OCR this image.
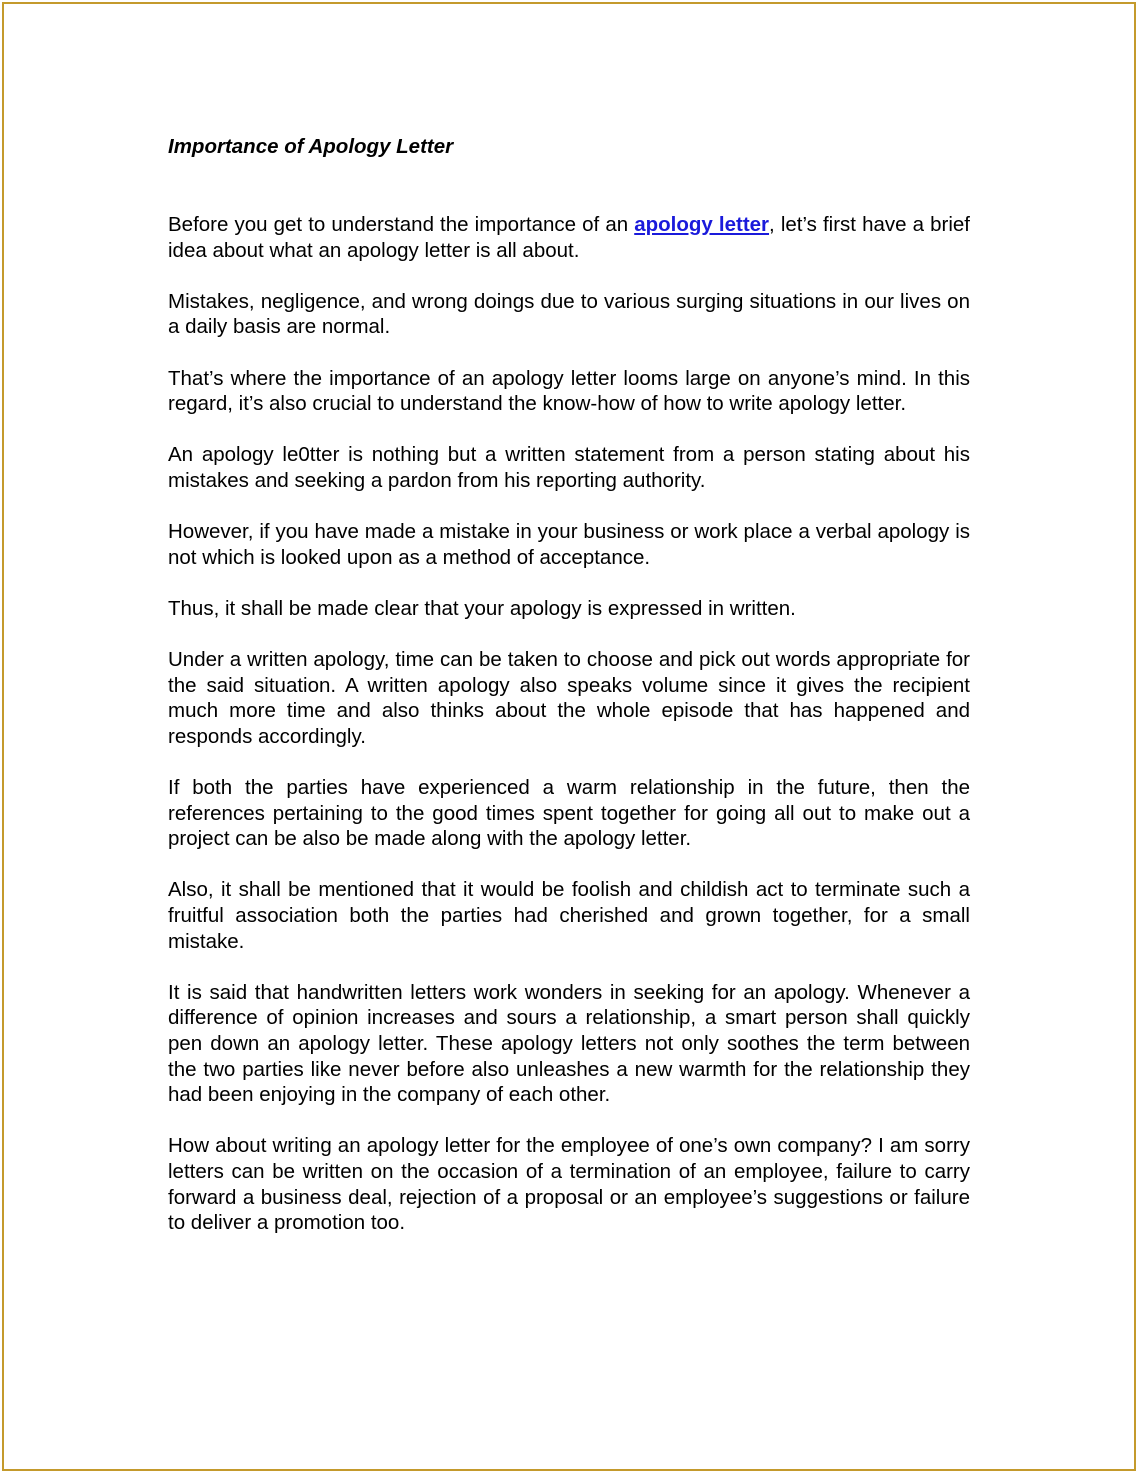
Importance of Apology Letter

Before you get to understand the importance of an apology letter, let’s first have a brief idea about what an apology letter is all about.

Mistakes, negligence, and wrong doings due to various surging situations in our lives on a daily basis are normal.

That’s where the importance of an apology letter looms large on anyone’s mind. In this regard, it’s also crucial to understand the know-how of how to write apology letter.

An apology le0tter is nothing but a written statement from a person stating about his mistakes and seeking a pardon from his reporting authority.

However, if you have made a mistake in your business or work place a verbal apology is not which is looked upon as a method of acceptance.

Thus, it shall be made clear that your apology is expressed in written.

Under a written apology, time can be taken to choose and pick out words appropriate for the said situation. A written apology also speaks volume since it gives the recipient much more time and also thinks about the whole episode that has happened and responds accordingly.

If both the parties have experienced a warm relationship in the future, then the references pertaining to the good times spent together for going all out to make out a project can be also be made along with the apology letter.

Also, it shall be mentioned that it would be foolish and childish act to terminate such a fruitful association both the parties had cherished and grown together, for a small mistake.

It is said that handwritten letters work wonders in seeking for an apology. Whenever a difference of opinion increases and sours a relationship, a smart person shall quickly pen down an apology letter. These apology letters not only soothes the term between the two parties like never before also unleashes a new warmth for the relationship they had been enjoying in the company of each other.

How about writing an apology letter for the employee of one’s own company? I am sorry letters can be written on the occasion of a termination of an employee, failure to carry forward a business deal, rejection of a proposal or an employee’s suggestions or failure to deliver a promotion too.
